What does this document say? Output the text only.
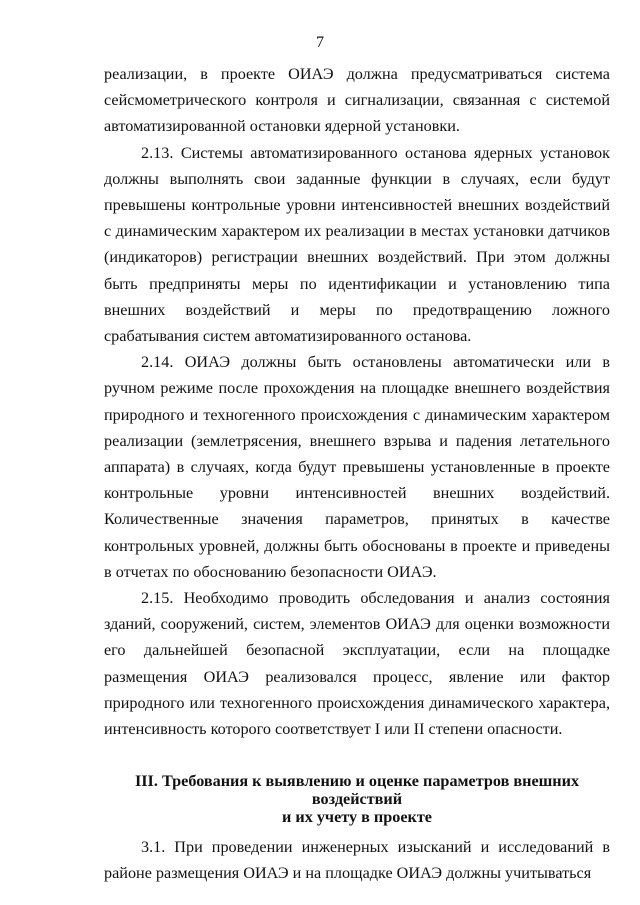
7

реализации, в проекте ОИАЭ должна предусматриваться система сейсмометрического контроля и сигнализации, связанная с системой автоматизированной остановки ядерной установки.

2.13. Системы автоматизированного останова ядерных установок должны выполнять свои заданные функции в случаях, если будут превышены контрольные уровни интенсивностей внешних воздействий с динамическим характером их реализации в местах установки датчиков (индикаторов) регистрации внешних воздействий. При этом должны быть предприняты меры по идентификации и установлению типа внешних воздействий и меры по предотвращению ложного срабатывания систем автоматизированного останова.

2.14. ОИАЭ должны быть остановлены автоматически или в ручном режиме после прохождения на площадке внешнего воздействия природного и техногенного происхождения с динамическим характером реализации (землетрясения, внешнего взрыва и падения летательного аппарата) в случаях, когда будут превышены установленные в проекте контрольные уровни интенсивностей внешних воздействий. Количественные значения параметров, принятых в качестве контрольных уровней, должны быть обоснованы в проекте и приведены в отчетах по обоснованию безопасности ОИАЭ.

2.15. Необходимо проводить обследования и анализ состояния зданий, сооружений, систем, элементов ОИАЭ для оценки возможности его дальнейшей безопасной эксплуатации, если на площадке размещения ОИАЭ реализовался процесс, явление или фактор природного или техногенного происхождения динамического характера, интенсивность которого соответствует I или II степени опасности.

III. Требования к выявлению и оценке параметров внешних воздействий
и их учету в проекте

3.1. При проведении инженерных изысканий и исследований в районе размещения ОИАЭ и на площадке ОИАЭ должны учитываться
